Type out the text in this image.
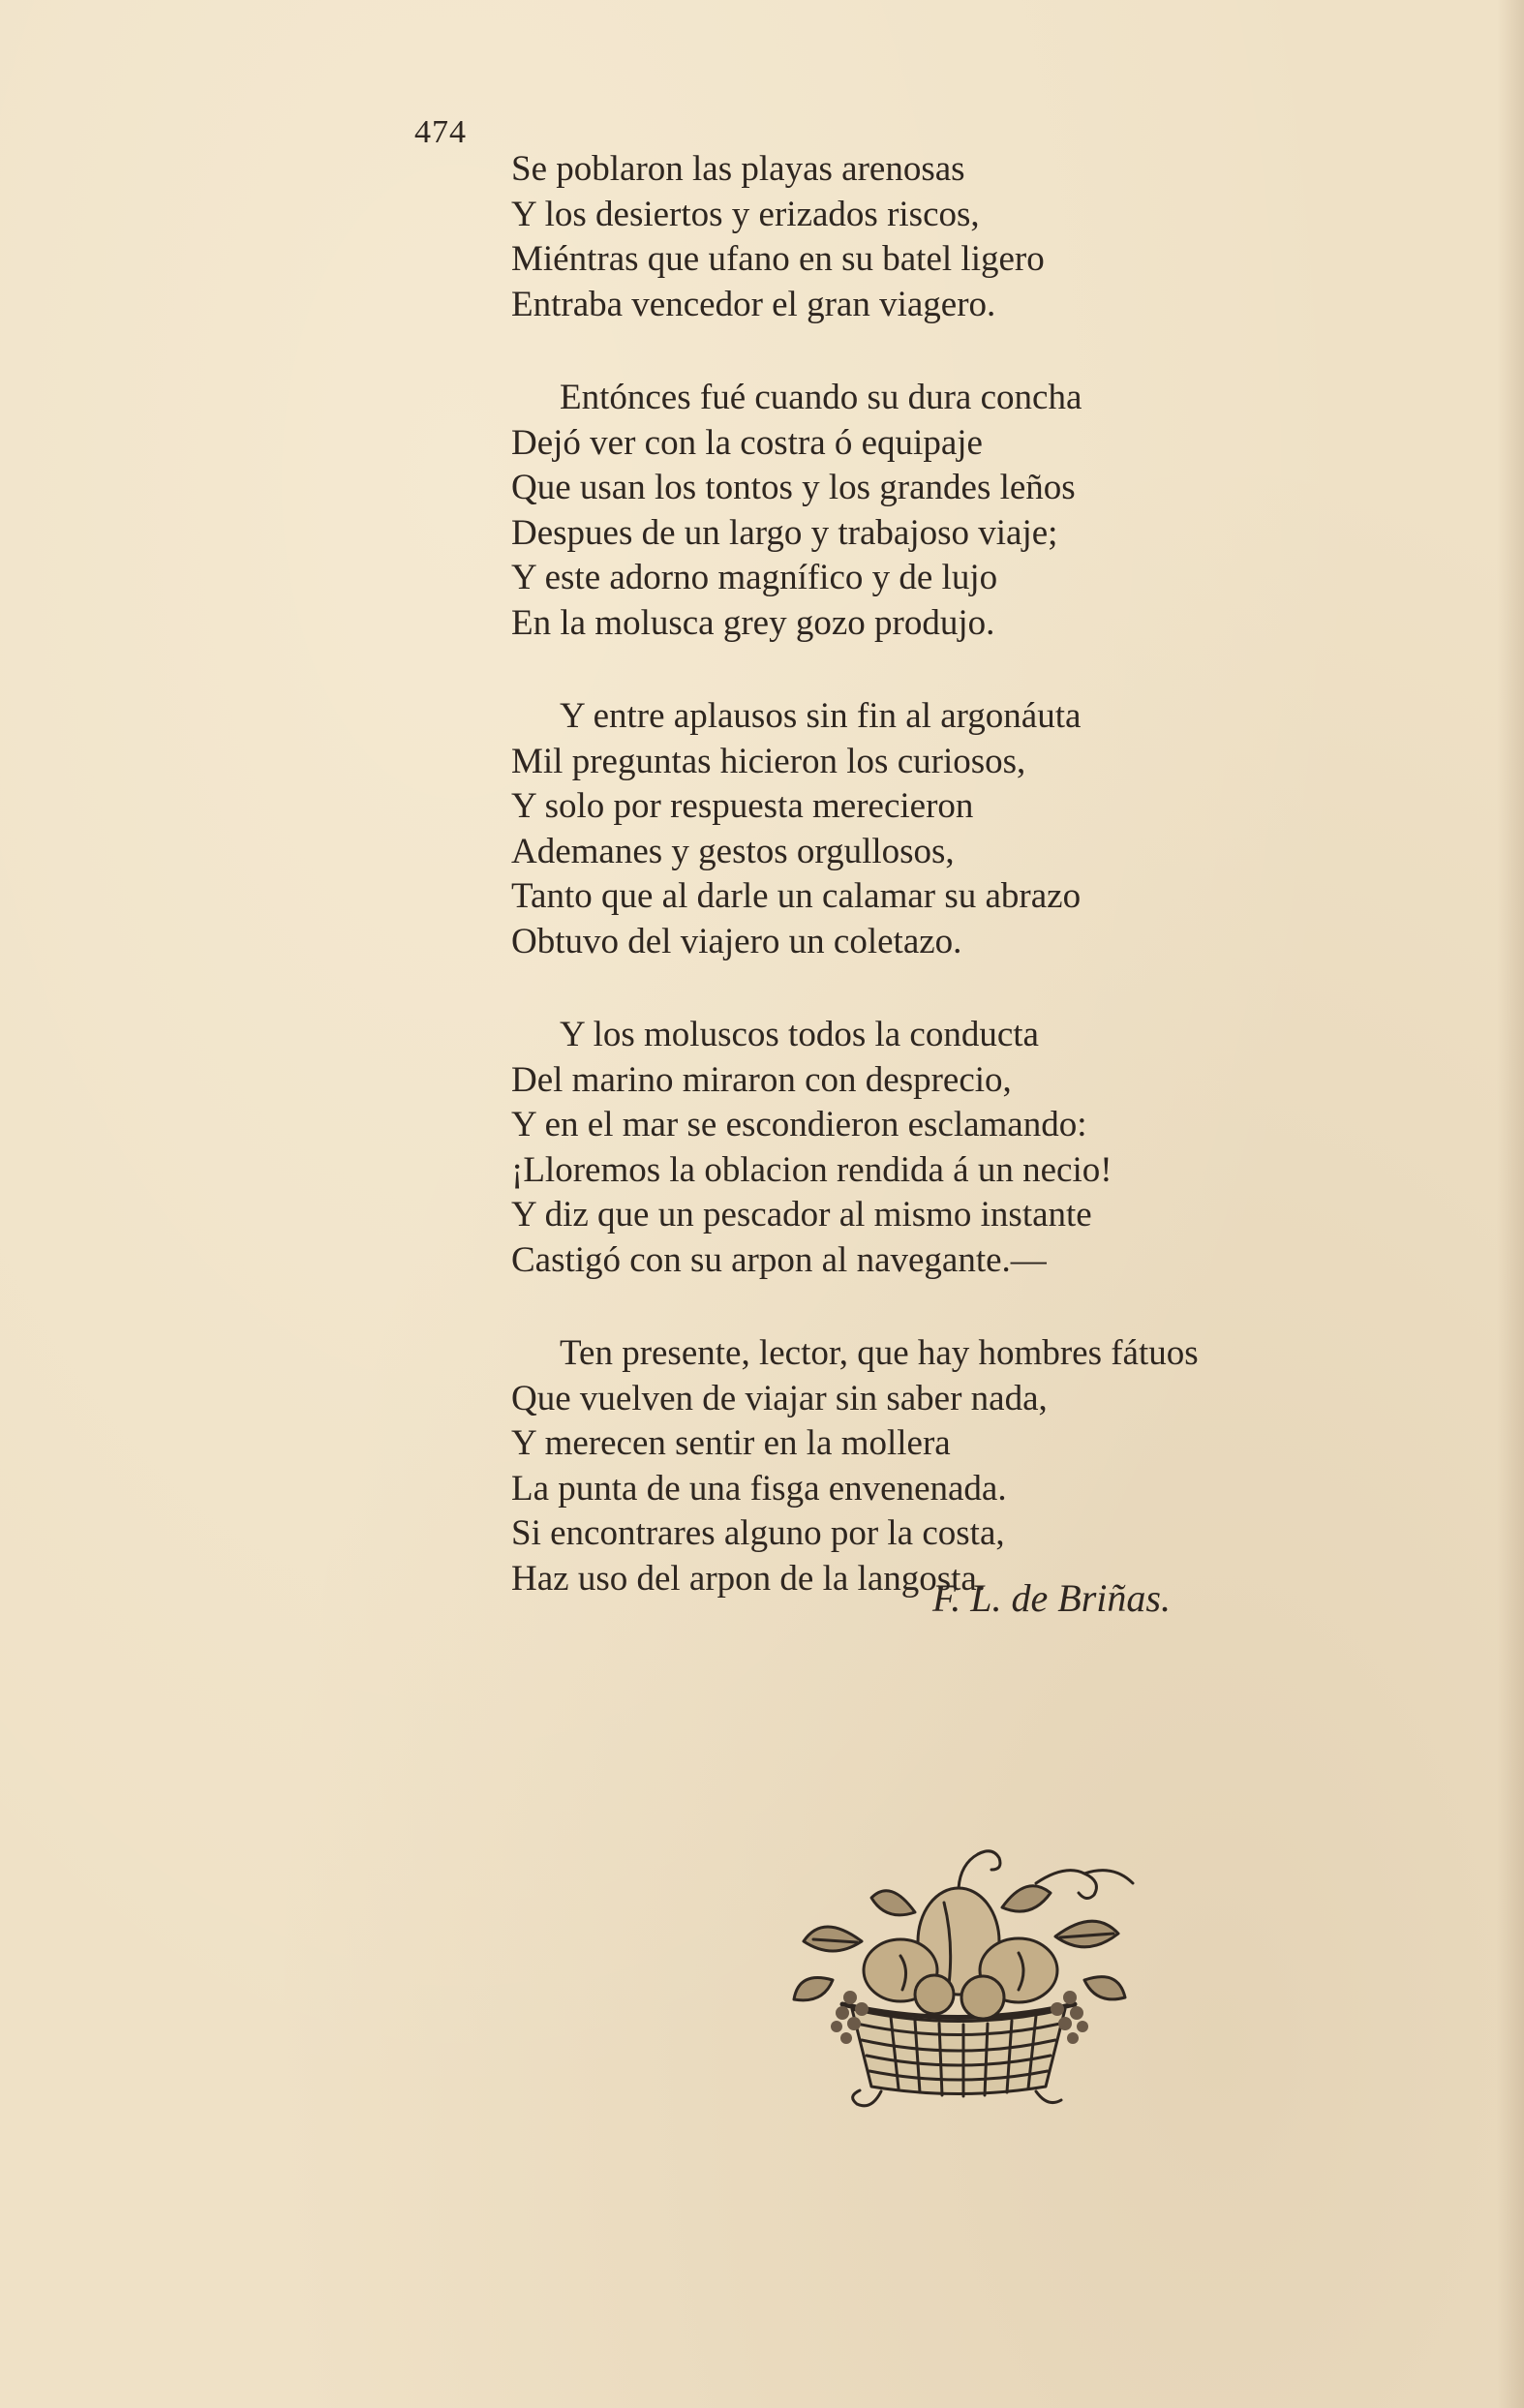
474
Se poblaron las playas arenosas
Y los desiertos y erizados riscos,
Miéntras que ufano en su batel ligero
Entraba vencedor el gran viagero.
Entónces fué cuando su dura concha
Dejó ver con la costra ó equipaje
Que usan los tontos y los grandes leños
Despues de un largo y trabajoso viaje;
Y este adorno magnífico y de lujo
En la molusca grey gozo produjo.
Y entre aplausos sin fin al argonáuta
Mil preguntas hicieron los curiosos,
Y solo por respuesta merecieron
Ademanes y gestos orgullosos,
Tanto que al darle un calamar su abrazo
Obtuvo del viajero un coletazo.
Y los moluscos todos la conducta
Del marino miraron con desprecio,
Y en el mar se escondieron esclamando:
¡Lloremos la oblacion rendida á un necio!
Y diz que un pescador al mismo instante
Castigó con su arpon al navegante.—
Ten presente, lector, que hay hombres fátuos
Que vuelven de viajar sin saber nada,
Y merecen sentir en la mollera
La punta de una fisga envenenada.
Si encontrares alguno por la costa,
Haz uso del arpon de la langosta.
F. L. de Briñas.
